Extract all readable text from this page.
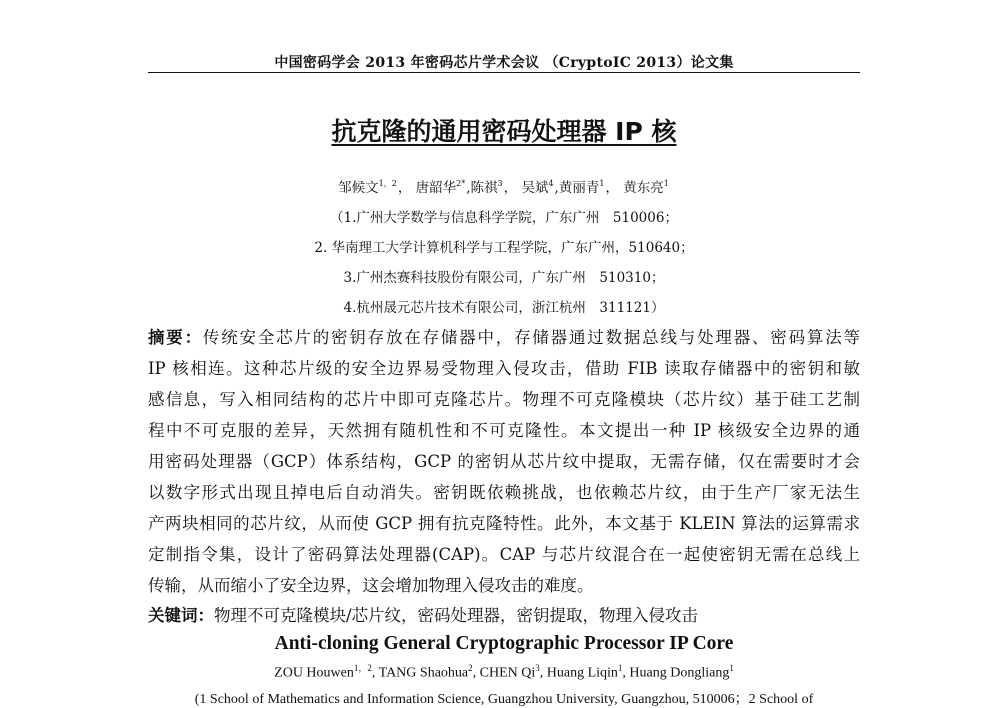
中国密码学会 2013 年密码芯片学术会议 （CryptoIC 2013）论文集
抗克隆的通用密码处理器 IP 核
邹候文$^{1,2}$， 唐韶华$^{2*}$,陈祺$^3$， 吴斌$^4$,黄丽青$^1$， 黄东亮$^1$
（1.广州大学数学与信息科学学院，广东广州　510006；
2. 华南理工大学计算机科学与工程学院，广东广州，510640；
3.广州杰赛科技股份有限公司，广东广州　510310；
4.杭州晟元芯片技术有限公司，浙江杭州　311121）
摘要：传统安全芯片的密钥存放在存储器中，存储器通过数据总线与处理器、密码算法等
IP 核相连。这种芯片级的安全边界易受物理入侵攻击，借助 FIB 读取存储器中的密钥和敏
感信息，写入相同结构的芯片中即可克隆芯片。物理不可克隆模块（芯片纹）基于硅工艺制
程中不可克服的差异，天然拥有随机性和不可克隆性。本文提出一种 IP 核级安全边界的通
用密码处理器（GCP）体系结构，GCP 的密钥从芯片纹中提取，无需存储，仅在需要时才会
以数字形式出现且掉电后自动消失。密钥既依赖挑战，也依赖芯片纹，由于生产厂家无法生
产两块相同的芯片纹，从而使 GCP 拥有抗克隆特性。此外，本文基于 KLEIN 算法的运算需求
定制指令集，设计了密码算法处理器(CAP)。CAP 与芯片纹混合在一起使密钥无需在总线上
传输，从而缩小了安全边界，这会增加物理入侵攻击的难度。
关键词：物理不可克隆模块/芯片纹，密码处理器，密钥提取，物理入侵攻击
Anti-cloning General Cryptographic Processor IP Core
ZOU Houwen$^{1,2}$, TANG Shaohua$^2$, CHEN Qi$^3$, Huang Liqin$^1$, Huang Dongliang$^1$
(1 School of Mathematics and Information Science, Guangzhou University, Guangzhou, 510006；2 School of
